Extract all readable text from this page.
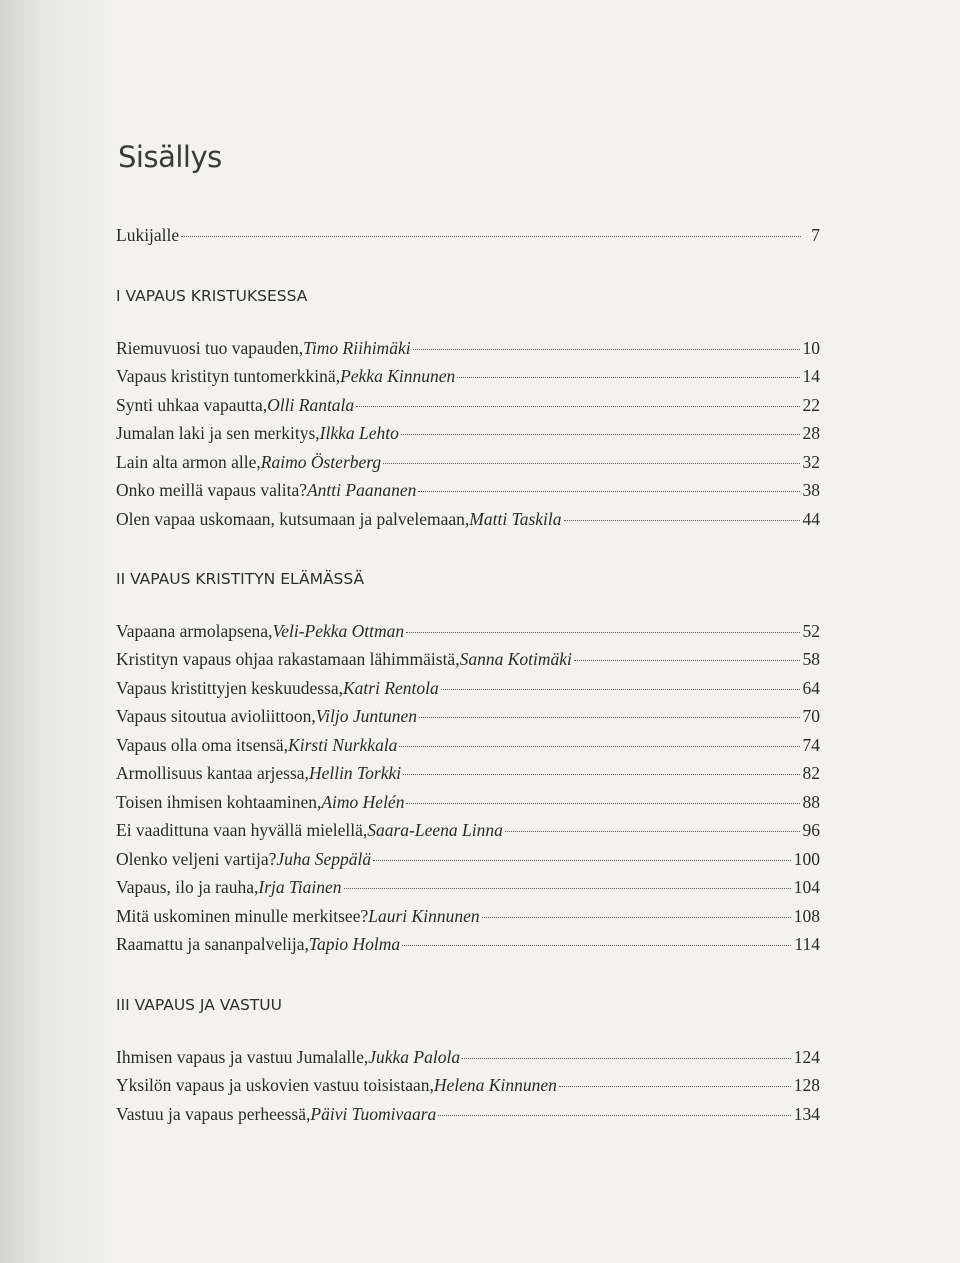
Sisällys
Lukijalle	7
I VAPAUS KRISTUKSESSA
Riemuvuosi tuo vapauden, Timo Riihimäki	10
Vapaus kristityn tuntomerkkinä, Pekka Kinnunen	14
Synti uhkaa vapautta, Olli Rantala	22
Jumalan laki ja sen merkitys, Ilkka Lehto	28
Lain alta armon alle, Raimo Österberg	32
Onko meillä vapaus valita? Antti Paananen	38
Olen vapaa uskomaan, kutsumaan ja palvelemaan, Matti Taskila	44
II VAPAUS KRISTITYN ELÄMÄSSÄ
Vapaana armolapsena, Veli-Pekka Ottman	52
Kristityn vapaus ohjaa rakastamaan lähimmäistä, Sanna Kotimäki	58
Vapaus kristittyjen keskuudessa, Katri Rentola	64
Vapaus sitoutua avioliittoon, Viljo Juntunen	70
Vapaus olla oma itsensä, Kirsti Nurkkala	74
Armollisuus kantaa arjessa, Hellin Torkki	82
Toisen ihmisen kohtaaminen, Aimo Helén	88
Ei vaadittuna vaan hyvällä mielellä, Saara-Leena Linna	96
Olenko veljeni vartija? Juha Seppälä	100
Vapaus, ilo ja rauha, Irja Tiainen	104
Mitä uskominen minulle merkitsee? Lauri Kinnunen	108
Raamattu ja sananpalvelija, Tapio Holma	114
III VAPAUS JA VASTUU
Ihmisen vapaus ja vastuu Jumalalle, Jukka Palola	124
Yksilön vapaus ja uskovien vastuu toisistaan, Helena Kinnunen	128
Vastuu ja vapaus perheessä, Päivi Tuomivaara	134
